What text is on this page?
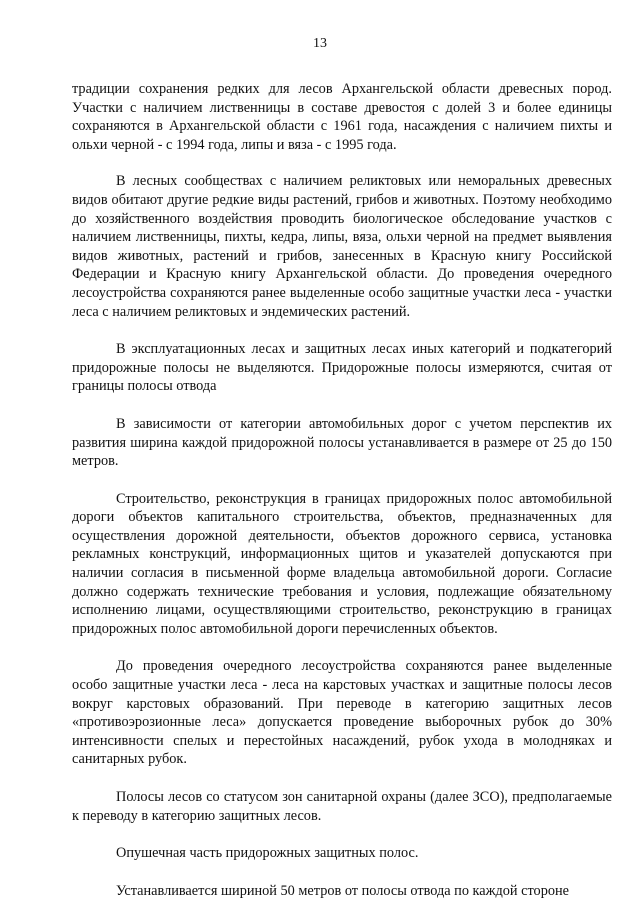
13

традиции сохранения редких для лесов Архангельской области древесных пород. Участки с наличием лиственницы в составе древостоя с долей 3 и более единицы сохраняются в Архангельской области с 1961 года, насаждения с наличием пихты и ольхи черной - с 1994 года, липы и вяза - с 1995 года.

В лесных сообществах с наличием реликтовых или неморальных древесных видов обитают другие редкие виды растений, грибов и животных. Поэтому необходимо до хозяйственного воздействия проводить биологическое обследование участков с наличием лиственницы, пихты, кедра, липы, вяза, ольхи черной на предмет выявления видов животных, растений и грибов, занесенных в Красную книгу Российской Федерации и Красную книгу Архангельской области. До проведения очередного лесоустройства сохраняются ранее выделенные особо защитные участки леса - участки леса с наличием реликтовых и эндемических растений.

В эксплуатационных лесах и защитных лесах иных категорий и подкатегорий придорожные полосы не выделяются. Придорожные полосы измеряются, считая от границы полосы отвода

В зависимости от категории автомобильных дорог с учетом перспектив их развития ширина каждой придорожной полосы устанавливается в размере от 25 до 150 метров.

Строительство, реконструкция в границах придорожных полос автомобильной дороги объектов капитального строительства, объектов, предназначенных для осуществления дорожной деятельности, объектов дорожного сервиса, установка рекламных конструкций, информационных щитов и указателей допускаются при наличии согласия в письменной форме владельца автомобильной дороги. Согласие должно содержать технические требования и условия, подлежащие обязательному исполнению лицами, осуществляющими строительство, реконструкцию в границах придорожных полос автомобильной дороги перечисленных объектов.

До проведения очередного лесоустройства сохраняются ранее выделенные особо защитные участки леса - леса на карстовых участках и защитные полосы лесов вокруг карстовых образований. При переводе в категорию защитных лесов «противоэрозионные леса» допускается проведение выборочных рубок до 30% интенсивности спелых и перестойных насаждений, рубок ухода в молодняках и санитарных рубок.

Полосы лесов со статусом зон санитарной охраны (далее ЗСО), предполагаемые к переводу в категорию защитных лесов.

Опушечная часть придорожных защитных полос.

Устанавливается шириной 50 метров от полосы отвода по каждой стороне
